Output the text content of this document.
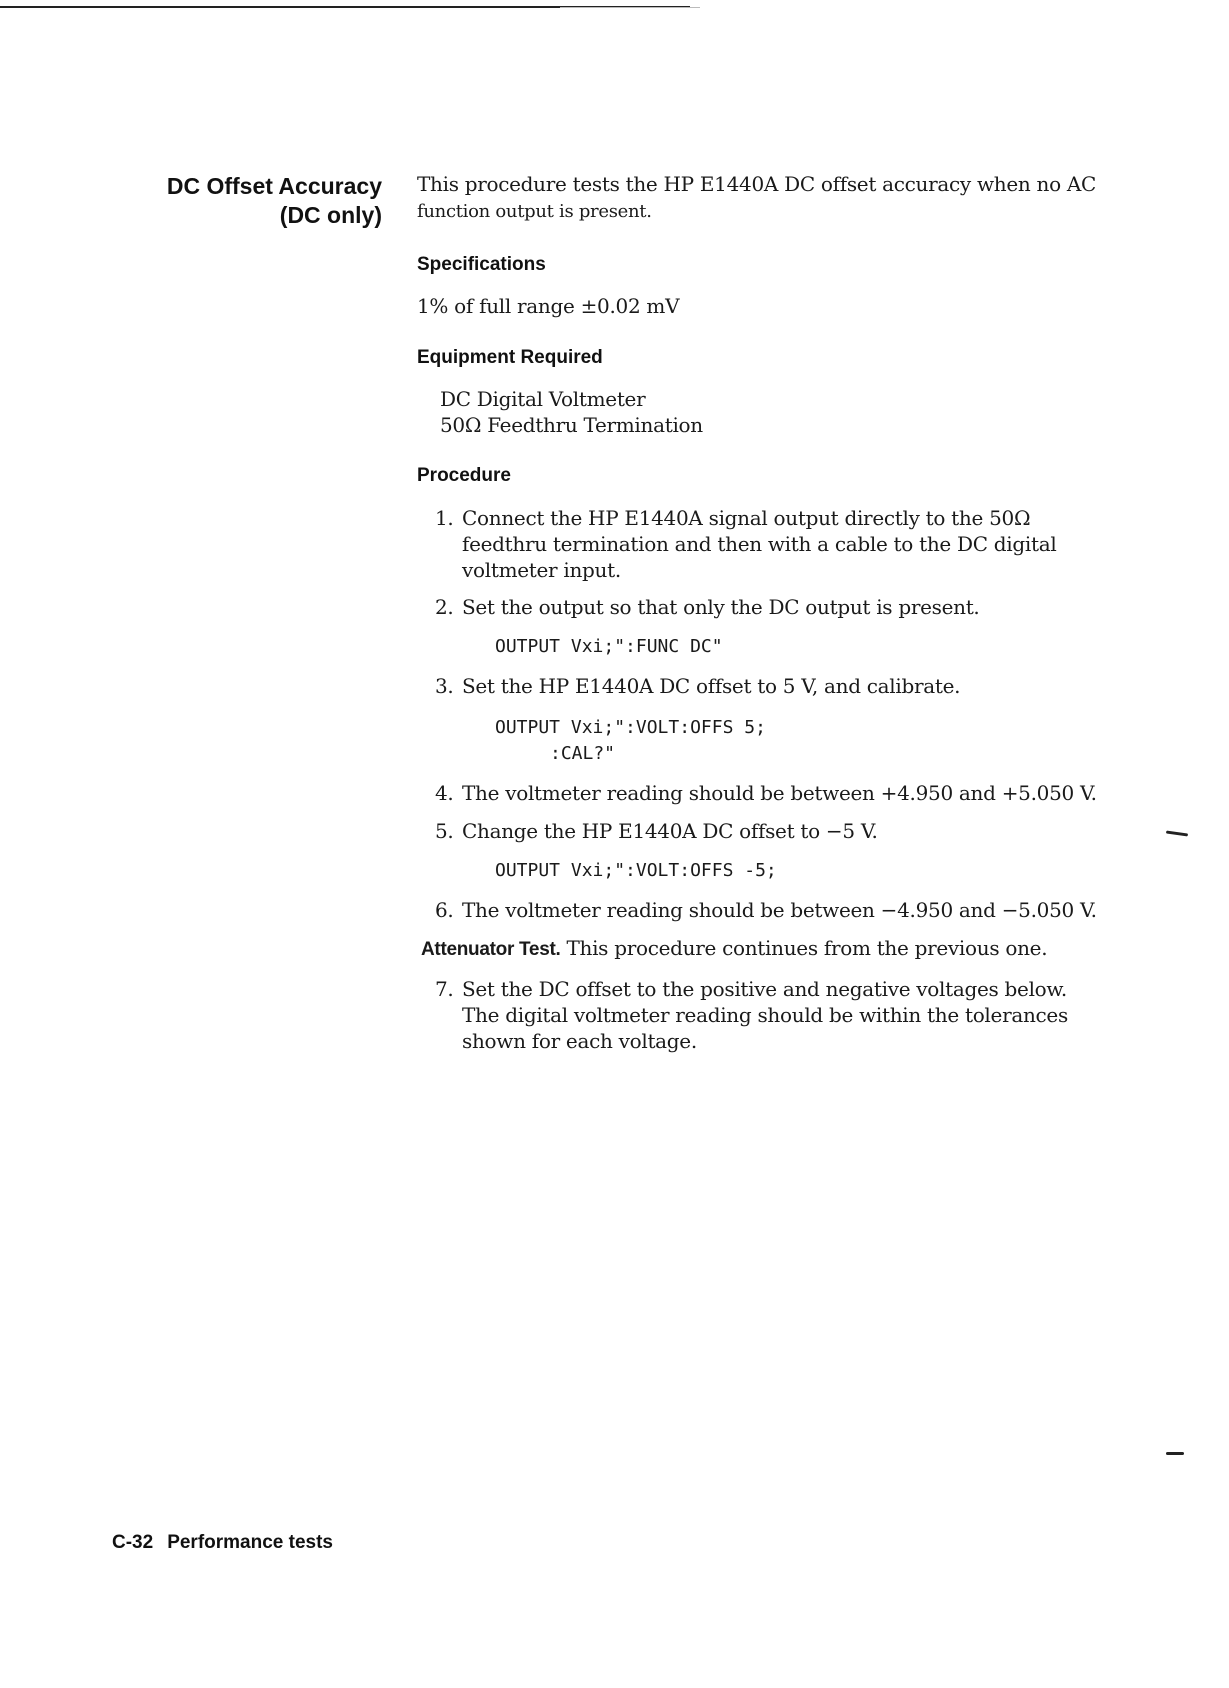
DC Offset Accuracy
(DC only)

This procedure tests the HP E1440A DC offset accuracy when no AC
function output is present.

Specifications

1% of full range ±0.02 mV

Equipment Required
DC Digital Voltmeter
50Ω Feedthru Termination
Procedure
1. Connect the HP E1440A signal output directly to the 50Ω
feedthru termination and then with a cable to the DC digital
voltmeter input.
2. Set the output so that only the DC output is present.
OUTPUT Vxi;":FUNC DC"
3. Set the HP E1440A DC offset to 5 V, and calibrate.
OUTPUT Vxi;":VOLT:OFFS 5;
:CAL?"
4. The voltmeter reading should be between +4.950 and +5.050 V.
5. Change the HP E1440A DC offset to −5 V.
OUTPUT Vxi;":VOLT:OFFS -5;
6. The voltmeter reading should be between −4.950 and −5.050 V.
Attenuator Test. This procedure continues from the previous one.
7. Set the DC offset to the positive and negative voltages below.
The digital voltmeter reading should be within the tolerances
shown for each voltage.
C-32 Performance tests
